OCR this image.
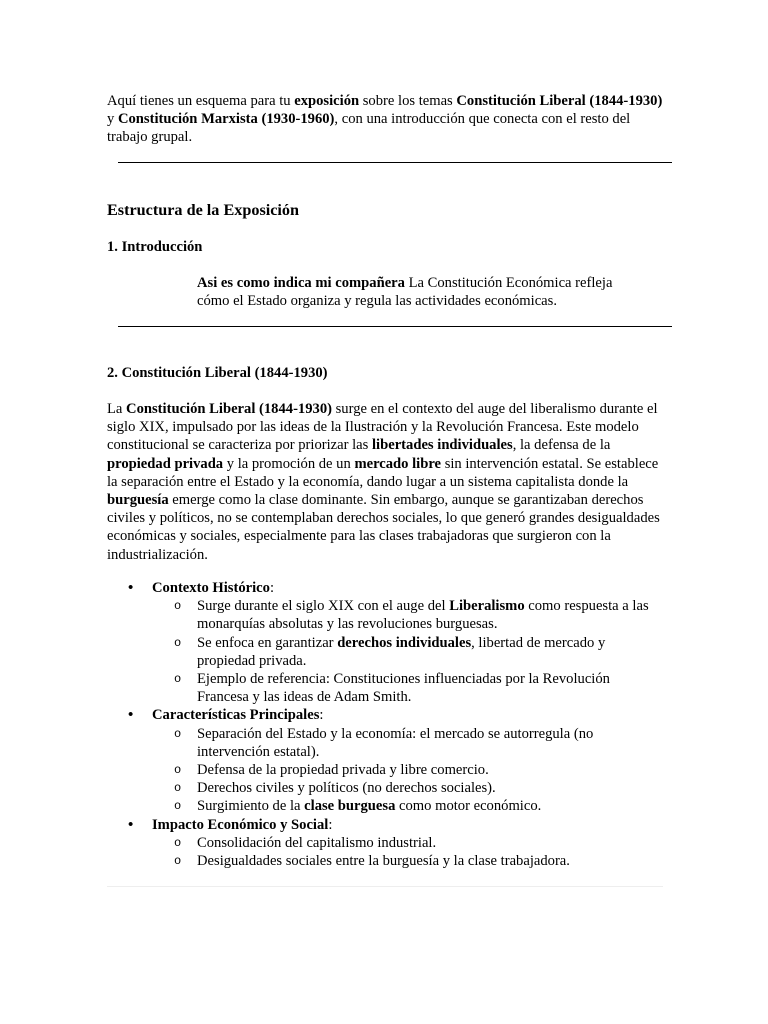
Aquí tienes un esquema para tu exposición sobre los temas Constitución Liberal (1844-1930) y Constitución Marxista (1930-1960), con una introducción que conecta con el resto del trabajo grupal.

Estructura de la Exposición
1. Introducción

Asi es como indica mi compañera La Constitución Económica refleja cómo el Estado organiza y regula las actividades económicas.

2. Constitución Liberal (1844-1930)

La Constitución Liberal (1844-1930) surge en el contexto del auge del liberalismo durante el siglo XIX, impulsado por las ideas de la Ilustración y la Revolución Francesa. Este modelo constitucional se caracteriza por priorizar las libertades individuales, la defensa de la propiedad privada y la promoción de un mercado libre sin intervención estatal. Se establece la separación entre el Estado y la economía, dando lugar a un sistema capitalista donde la burguesía emerge como la clase dominante. Sin embargo, aunque se garantizaban derechos civiles y políticos, no se contemplaban derechos sociales, lo que generó grandes desigualdades económicas y sociales, especialmente para las clases trabajadoras que surgieron con la industrialización.

• Contexto Histórico:
o Surge durante el siglo XIX con el auge del Liberalismo como respuesta a las monarquías absolutas y las revoluciones burguesas.
o Se enfoca en garantizar derechos individuales, libertad de mercado y propiedad privada.
o Ejemplo de referencia: Constituciones influenciadas por la Revolución Francesa y las ideas de Adam Smith.
• Características Principales:
o Separación del Estado y la economía: el mercado se autorregula (no intervención estatal).
o Defensa de la propiedad privada y libre comercio.
o Derechos civiles y políticos (no derechos sociales).
o Surgimiento de la clase burguesa como motor económico.
• Impacto Económico y Social:
o Consolidación del capitalismo industrial.
o Desigualdades sociales entre la burguesía y la clase trabajadora.
